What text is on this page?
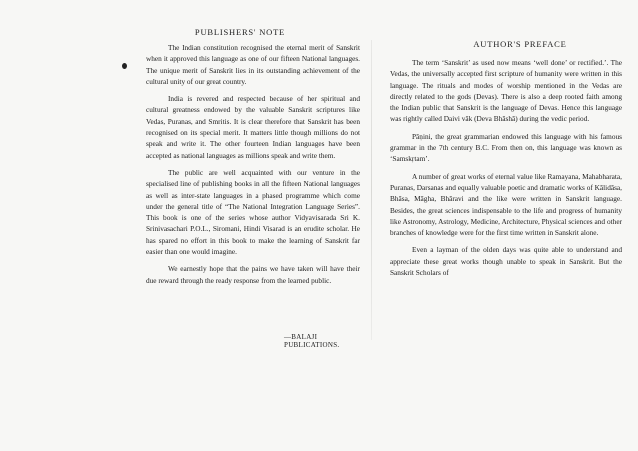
PUBLISHERS' NOTE

The Indian constitution recognised the eternal merit of Sanskrit when it approved this language as one of our fifteen National languages. The unique merit of Sanskrit lies in its outstanding achievement of the cultural unity of our great country.

India is revered and respected because of her spiritual and cultural greatness endowed by the valuable Sanskrit scriptures like Vedas, Puranas, and Smritis. It is clear therefore that Sanskrit has been recognised on its special merit. It matters little though millions do not speak and write it. The other fourteen Indian languages have been accepted as national languages as millions speak and write them.

The public are well acquainted with our venture in the specialised line of publishing books in all the fifteen National languages as well as inter-state languages in a phased programme which come under the general title of “The National Integration Language Series”. This book is one of the series whose author Vidyavisarada Sri K. Srinivasachari P.O.L., Siromani, Hindi Visarad is an erudite scholar. He has spared no effort in this book to make the learning of Sanskrit far easier than one would imagine.

We earnestly hope that the pains we have taken will have their due reward through the ready response from the learned public.

—BALAJI PUBLICATIONS.
AUTHOR'S PREFACE

The term ‘Sanskrit’ as used now means ‘well done’ or rectified.’. The Vedas, the universally accepted first scripture of humanity were written in this language. The rituals and modes of worship mentioned in the Vedas are directly related to the gods (Devas). There is also a deep rooted faith among the Indian public that Sanskrit is the language of Devas. Hence this language was rightly called Daivi vāk (Deva Bhāshā) during the vedic period.

Pāṇini, the great grammarian endowed this language with his famous grammar in the 7th century B.C. From then on, this language was known as ‘Samskṛtam’.

A number of great works of eternal value like Ramayana, Mahabharata, Puranas, Darsanas and equally valuable poetic and dramatic works of Kālidāsa, Bhāsa, Māgha, Bhāravi and the like were written in Sanskrit language. Besides, the great sciences indispensable to the life and progress of humanity like Astronomy, Astrology, Medicine, Architecture, Physical sciences and other branches of knowledge were for the first time written in Sanskrit alone.

Even a layman of the olden days was quite able to understand and appreciate these great works though unable to speak in Sanskrit. But the Sanskrit Scholars of
